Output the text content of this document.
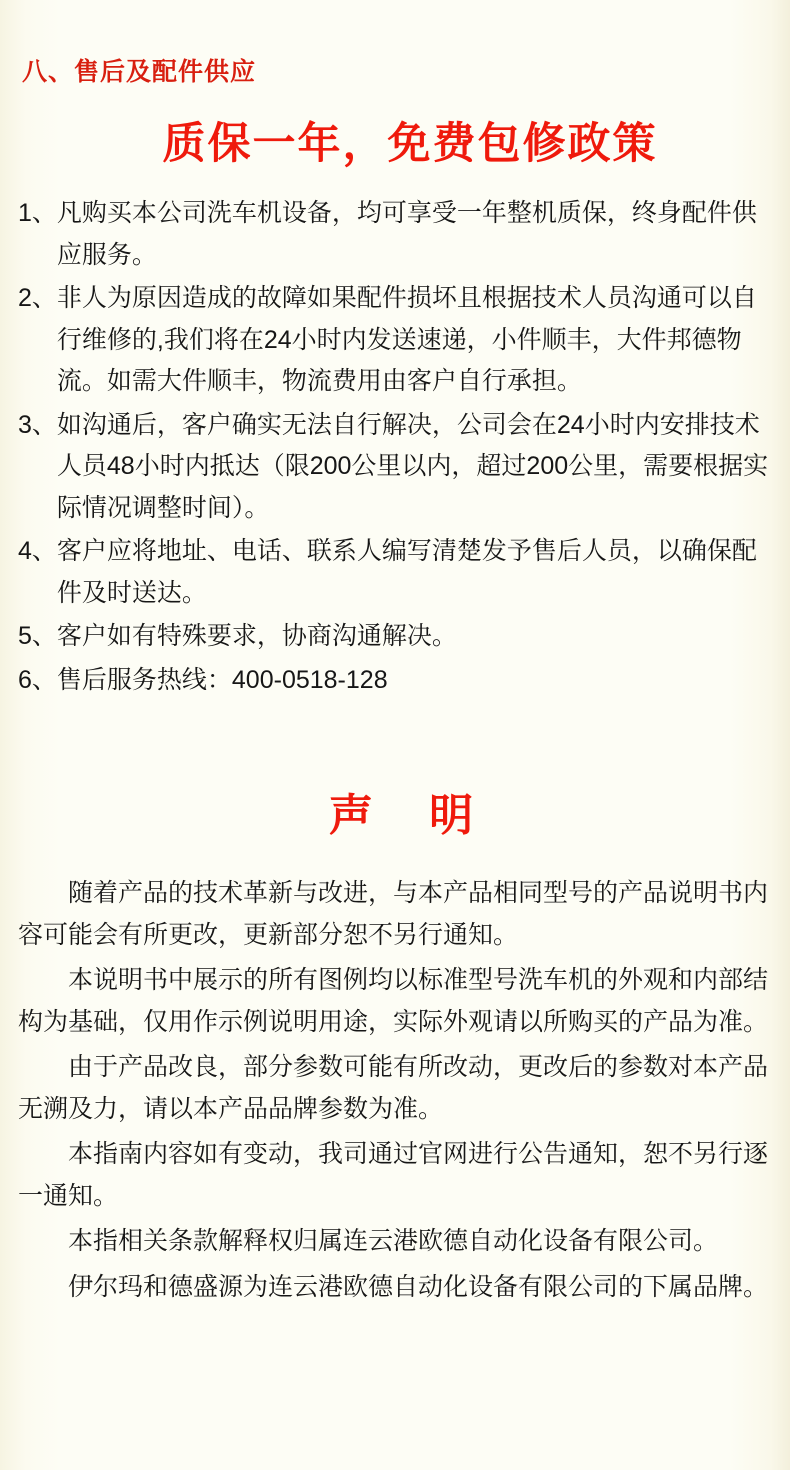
八、售后及配件供应
质保一年，免费包修政策
1、 凡购买本公司洗车机设备，均可享受一年整机质保，终身配件供应服务。
2、 非人为原因造成的故障如果配件损坏且根据技术人员沟通可以自行维修的,我们将在24小时内发送速递，小件顺丰，大件邦德物流。如需大件顺丰，物流费用由客户自行承担。
3、 如沟通后，客户确实无法自行解决，公司会在24小时内安排技术人员48小时内抵达（限200公里以内，超过200公里，需要根据实际情况调整时间）。
4、 客户应将地址、电话、联系人编写清楚发予售后人员，以确保配件及时送达。
5、 客户如有特殊要求，协商沟通解决。
6、 售后服务热线：400-0518-128
声 明

随着产品的技术革新与改进，与本产品相同型号的产品说明书内容可能会有所更改，更新部分恕不另行通知。

本说明书中展示的所有图例均以标准型号洗车机的外观和内部结构为基础，仅用作示例说明用途，实际外观请以所购买的产品为准。

由于产品改良，部分参数可能有所改动，更改后的参数对本产品无溯及力，请以本产品品牌参数为准。

本指南内容如有变动，我司通过官网进行公告通知，恕不另行逐一通知。

本指相关条款解释权归属连云港欧德自动化设备有限公司。

伊尔玛和德盛源为连云港欧德自动化设备有限公司的下属品牌。
